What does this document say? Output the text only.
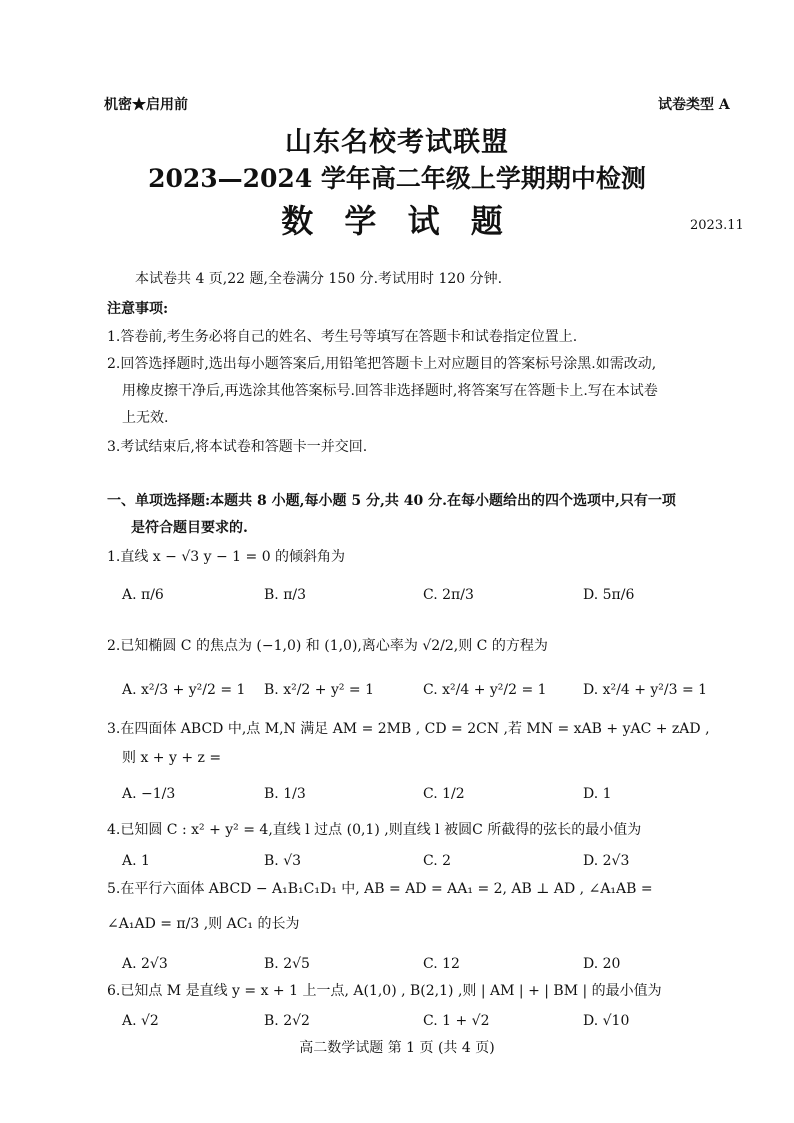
机密★启用前	试卷类型 A
山东名校考试联盟
2023—2024 学年高二年级上学期期中检测
数 学 试 题	2023.11
本试卷共 4 页,22 题,全卷满分 150 分.考试用时 120 分钟.
注意事项:
1.答卷前,考生务必将自己的姓名、考生号等填写在答题卡和试卷指定位置上.
2.回答选择题时,选出每小题答案后,用铅笔把答题卡上对应题目的答案标号涂黑.如需改动,
用橡皮擦干净后,再选涂其他答案标号.回答非选择题时,将答案写在答题卡上.写在本试卷
上无效.
3.考试结束后,将本试卷和答题卡一并交回.
一、单项选择题:本题共 8 小题,每小题 5 分,共 40 分.在每小题给出的四个选项中,只有一项
是符合题目要求的.
1.直线 x − √3 y − 1 = 0 的倾斜角为
A. π/6	B. π/3	C. 2π/3	D. 5π/6
2.已知椭圆 C 的焦点为 (−1,0) 和 (1,0),离心率为 √2/2,则 C 的方程为
A. x²/3 + y²/2 = 1 B. x²/2 + y² = 1	C. x²/4 + y²/2 = 1	D. x²/4 + y²/3 = 1
3.在四面体 ABCD 中,点 M,N 满足 AM = 2MB , CD = 2CN ,若 MN = xAB + yAC + zAD ,
则 x + y + z =
A. −1/3	B. 1/3	C. 1/2	D. 1
4.已知圆 C : x² + y² = 4,直线 l 过点 (0,1) ,则直线 l 被圆C 所截得的弦长的最小值为
A. 1	B. √3	C. 2	D. 2√3
5.在平行六面体 ABCD − A₁B₁C₁D₁ 中, AB = AD = AA₁ = 2, AB ⊥ AD , ∠A₁AB =
∠A₁AD = π/3 ,则 AC₁ 的长为
A. 2√3	B. 2√5	C. 12	D. 20
6.已知点 M 是直线 y = x + 1 上一点, A(1,0) , B(2,1) ,则 | AM | + | BM | 的最小值为
A. √2	B. 2√2	C. 1 + √2	D. √10
高二数学试题 第 1 页 (共 4 页)
